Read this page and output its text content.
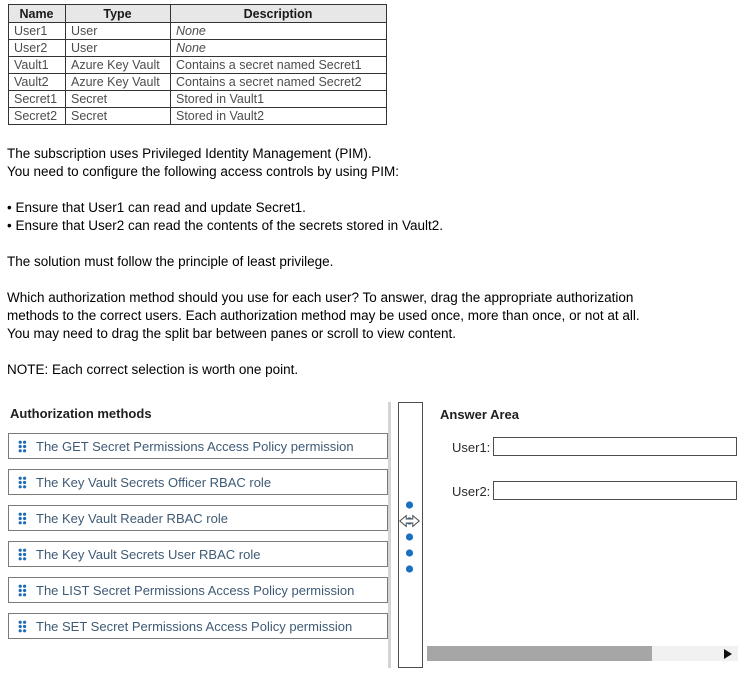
Name	Type	Description
User1	User	None
User2	User	None
Vault1	Azure Key Vault	Contains a secret named Secret1
Vault2	Azure Key Vault	Contains a secret named Secret2
Secret1	Secret	Stored in Vault1
Secret2	Secret	Stored in Vault2
The subscription uses Privileged Identity Management (PIM).
You need to configure the following access controls by using PIM:
• Ensure that User1 can read and update Secret1.
• Ensure that User2 can read the contents of the secrets stored in Vault2.
The solution must follow the principle of least privilege.
Which authorization method should you use for each user? To answer, drag the appropriate authorization
methods to the correct users. Each authorization method may be used once, more than once, or not at all.
You may need to drag the split bar between panes or scroll to view content.
NOTE: Each correct selection is worth one point.
Authorization methods
The GET Secret Permissions Access Policy permission
The Key Vault Secrets Officer RBAC role
The Key Vault Reader RBAC role
The Key Vault Secrets User RBAC role
The LIST Secret Permissions Access Policy permission
The SET Secret Permissions Access Policy permission
Answer Area
User1:
User2:
